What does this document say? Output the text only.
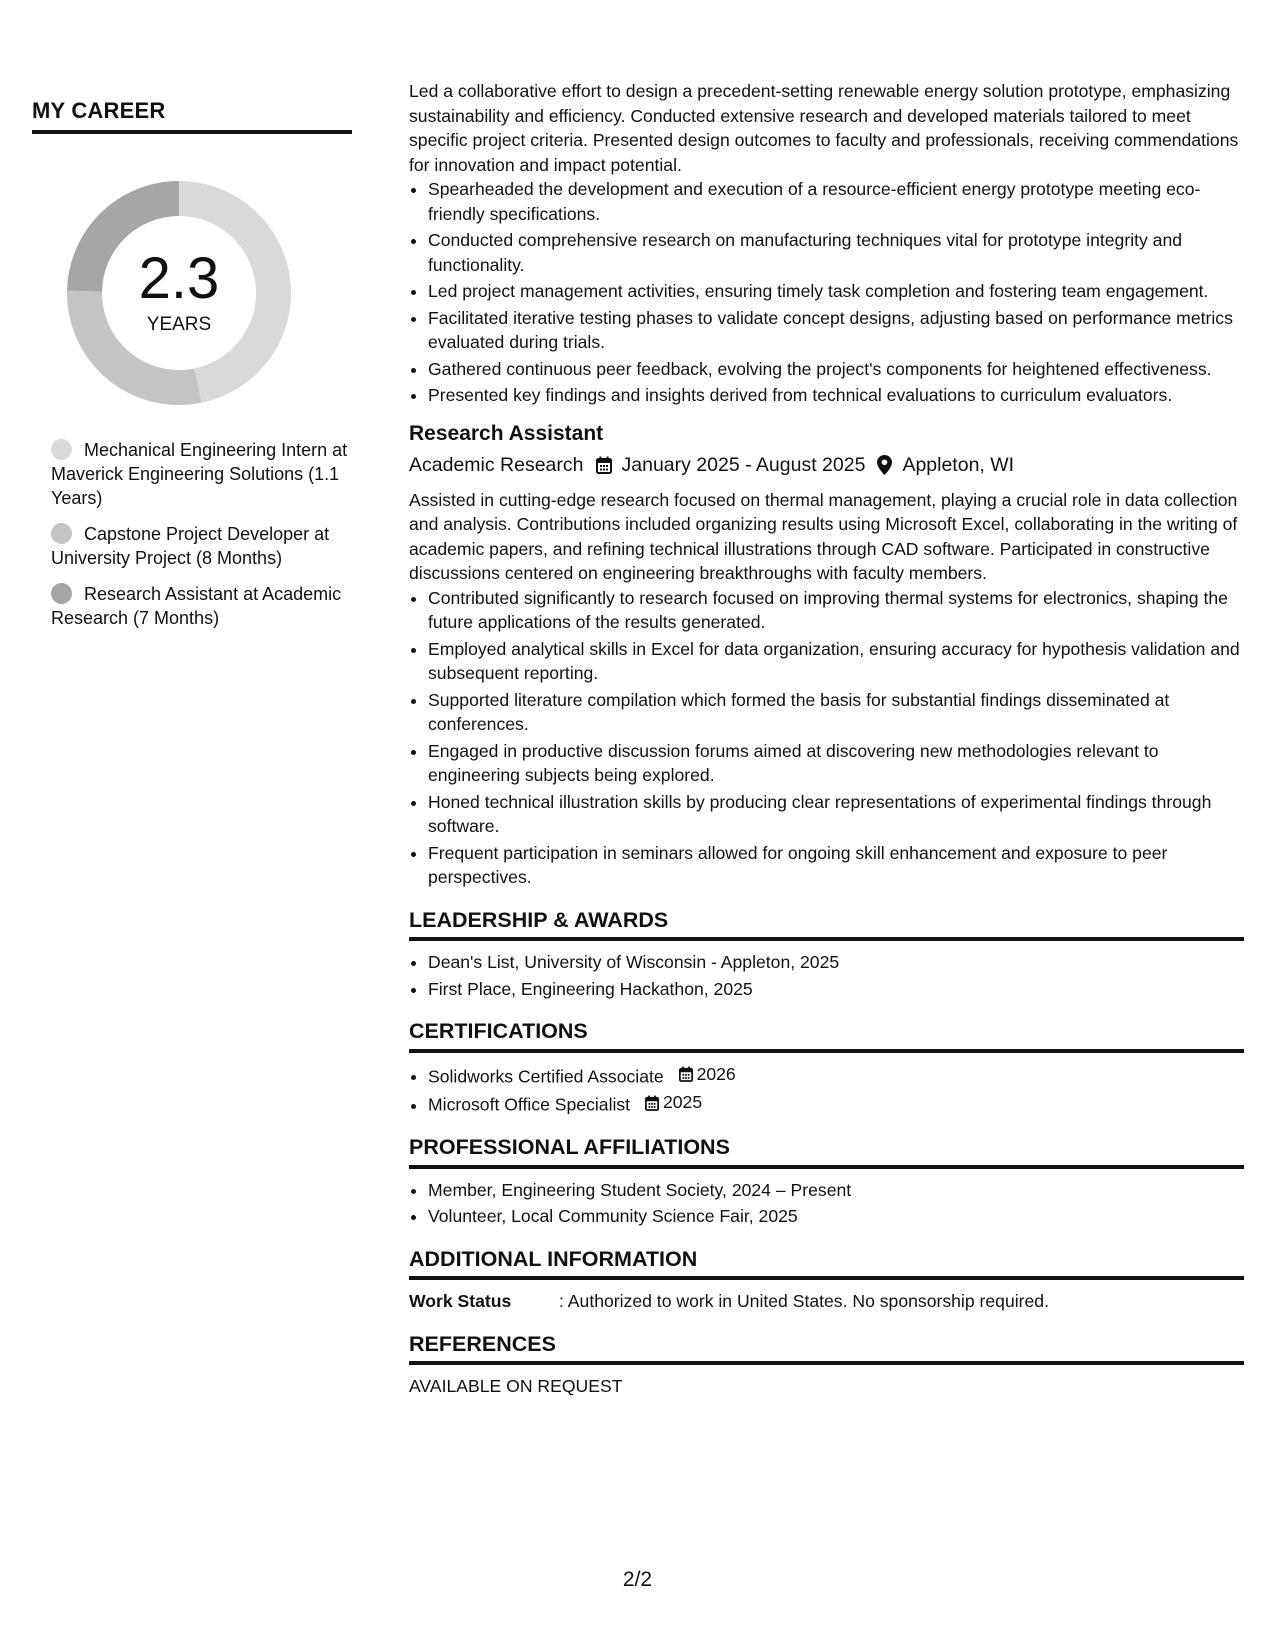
MY CAREER
2.3
YEARS
Mechanical Engineering Intern at Maverick Engineering Solutions (1.1 Years)
Capstone Project Developer at University Project (8 Months)
Research Assistant at Academic Research (7 Months)

Led a collaborative effort to design a precedent-setting renewable energy solution prototype, emphasizing sustainability and efficiency. Conducted extensive research and developed materials tailored to meet specific project criteria. Presented design outcomes to faculty and professionals, receiving commendations for innovation and impact potential.

• Spearheaded the development and execution of a resource-efficient energy prototype meeting eco-friendly specifications.
• Conducted comprehensive research on manufacturing techniques vital for prototype integrity and functionality.
• Led project management activities, ensuring timely task completion and fostering team engagement.
• Facilitated iterative testing phases to validate concept designs, adjusting based on performance metrics evaluated during trials.
• Gathered continuous peer feedback, evolving the project's components for heightened effectiveness.
• Presented key findings and insights derived from technical evaluations to curriculum evaluators.
Research Assistant
Academic Research January 2025 - August 2025 Appleton, WI

Assisted in cutting-edge research focused on thermal management, playing a crucial role in data collection and analysis. Contributions included organizing results using Microsoft Excel, collaborating in the writing of academic papers, and refining technical illustrations through CAD software. Participated in constructive discussions centered on engineering breakthroughs with faculty members.

• Contributed significantly to research focused on improving thermal systems for electronics, shaping the future applications of the results generated.
• Employed analytical skills in Excel for data organization, ensuring accuracy for hypothesis validation and subsequent reporting.
• Supported literature compilation which formed the basis for substantial findings disseminated at conferences.
• Engaged in productive discussion forums aimed at discovering new methodologies relevant to engineering subjects being explored.
• Honed technical illustration skills by producing clear representations of experimental findings through software.
• Frequent participation in seminars allowed for ongoing skill enhancement and exposure to peer perspectives.
LEADERSHIP & AWARDS
• Dean's List, University of Wisconsin - Appleton, 2025
• First Place, Engineering Hackathon, 2025
CERTIFICATIONS
• Solidworks Certified Associate 2026
• Microsoft Office Specialist 2025
PROFESSIONAL AFFILIATIONS
• Member, Engineering Student Society, 2024 – Present
• Volunteer, Local Community Science Fair, 2025
ADDITIONAL INFORMATION
Work Status	: Authorized to work in United States. No sponsorship required.
REFERENCES
AVAILABLE ON REQUEST
2/2
